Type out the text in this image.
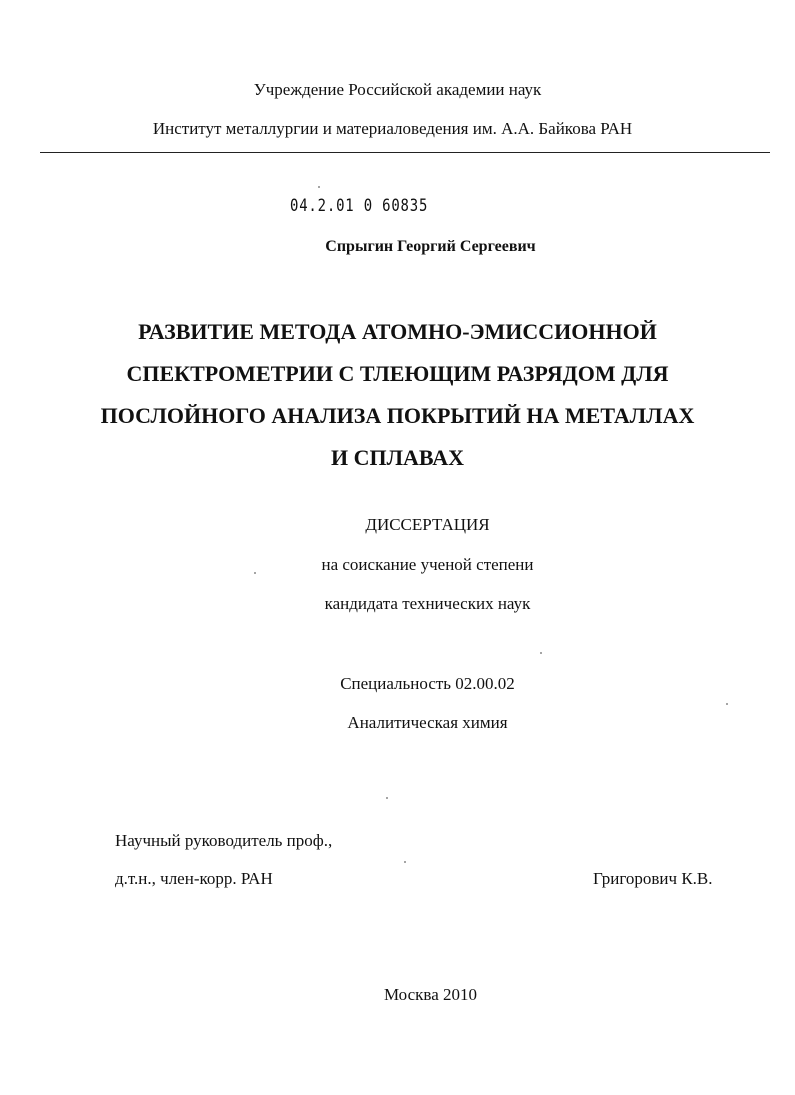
Учреждение Российской академии наук
Институт металлургии и материаловедения им. А.А. Байкова РАН
04.2.01 0 60835
Спрыгин Георгий Сергеевич
РАЗВИТИЕ МЕТОДА АТОМНО-ЭМИССИОННОЙ
СПЕКТРОМЕТРИИ С ТЛЕЮЩИМ РАЗРЯДОМ ДЛЯ
ПОСЛОЙНОГО АНАЛИЗА ПОКРЫТИЙ НА МЕТАЛЛАХ
И СПЛАВАХ
ДИССЕРТАЦИЯ
на соискание ученой степени
кандидата технических наук
Специальность 02.00.02
Аналитическая химия
Научный руководитель проф.,
д.т.н., член-корр. РАН	Григорович К.В.
Москва 2010
